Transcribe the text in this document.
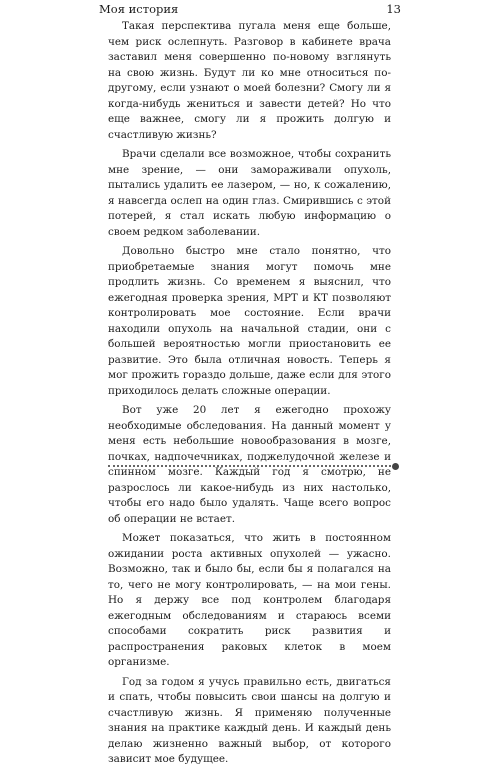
Моя история	13

Такая перспектива пугала меня еще больше, чем риск ослепнуть. Разговор в кабинете врача заставил меня совершенно по-новому взглянуть на свою жизнь. Будут ли ко мне относиться по-другому, если узнают о моей болезни? Смогу ли я когда-нибудь жениться и завести детей? Но что еще важнее, смогу ли я прожить долгую и счастливую жизнь?

Врачи сделали все возможное, чтобы сохранить мне зрение, — они замораживали опухоль, пытались удалить ее лазером, — но, к сожалению, я навсегда ослеп на один глаз. Смирившись с этой потерей, я стал искать любую информацию о своем редком заболевании.

Довольно быстро мне стало понятно, что приобретаемые знания могут помочь мне продлить жизнь. Со временем я выяснил, что ежегодная проверка зрения, МРТ и КТ позволяют контролировать мое состояние. Если врачи находили опухоль на начальной стадии, они с большей вероятностью могли приостановить ее развитие. Это была отличная новость. Теперь я мог прожить гораздо дольше, даже если для этого приходилось делать сложные операции.

Вот уже 20 лет я ежегодно прохожу необходимые обследования. На данный момент у меня есть небольшие новообразования в мозге, почках, надпочечниках, поджелудочной железе и спинном мозге. Каждый год я смотрю, не разрослось ли какое-нибудь из них настолько, чтобы его надо было удалять. Чаще всего вопрос об операции не встает.

Может показаться, что жить в постоянном ожидании роста активных опухолей — ужасно. Возможно, так и было бы, если бы я полагался на то, чего не могу контролировать, — на мои гены. Но я держу все под контролем благодаря ежегодным обследованиям и стараюсь всеми способами сократить риск развития и распространения раковых клеток в моем организме.

Год за годом я учусь правильно есть, двигаться и спать, чтобы повысить свои шансы на долгую и счастливую жизнь. Я применяю полученные знания на практике каждый день. И каждый день делаю жизненно важный выбор, от которого зависит мое будущее.
